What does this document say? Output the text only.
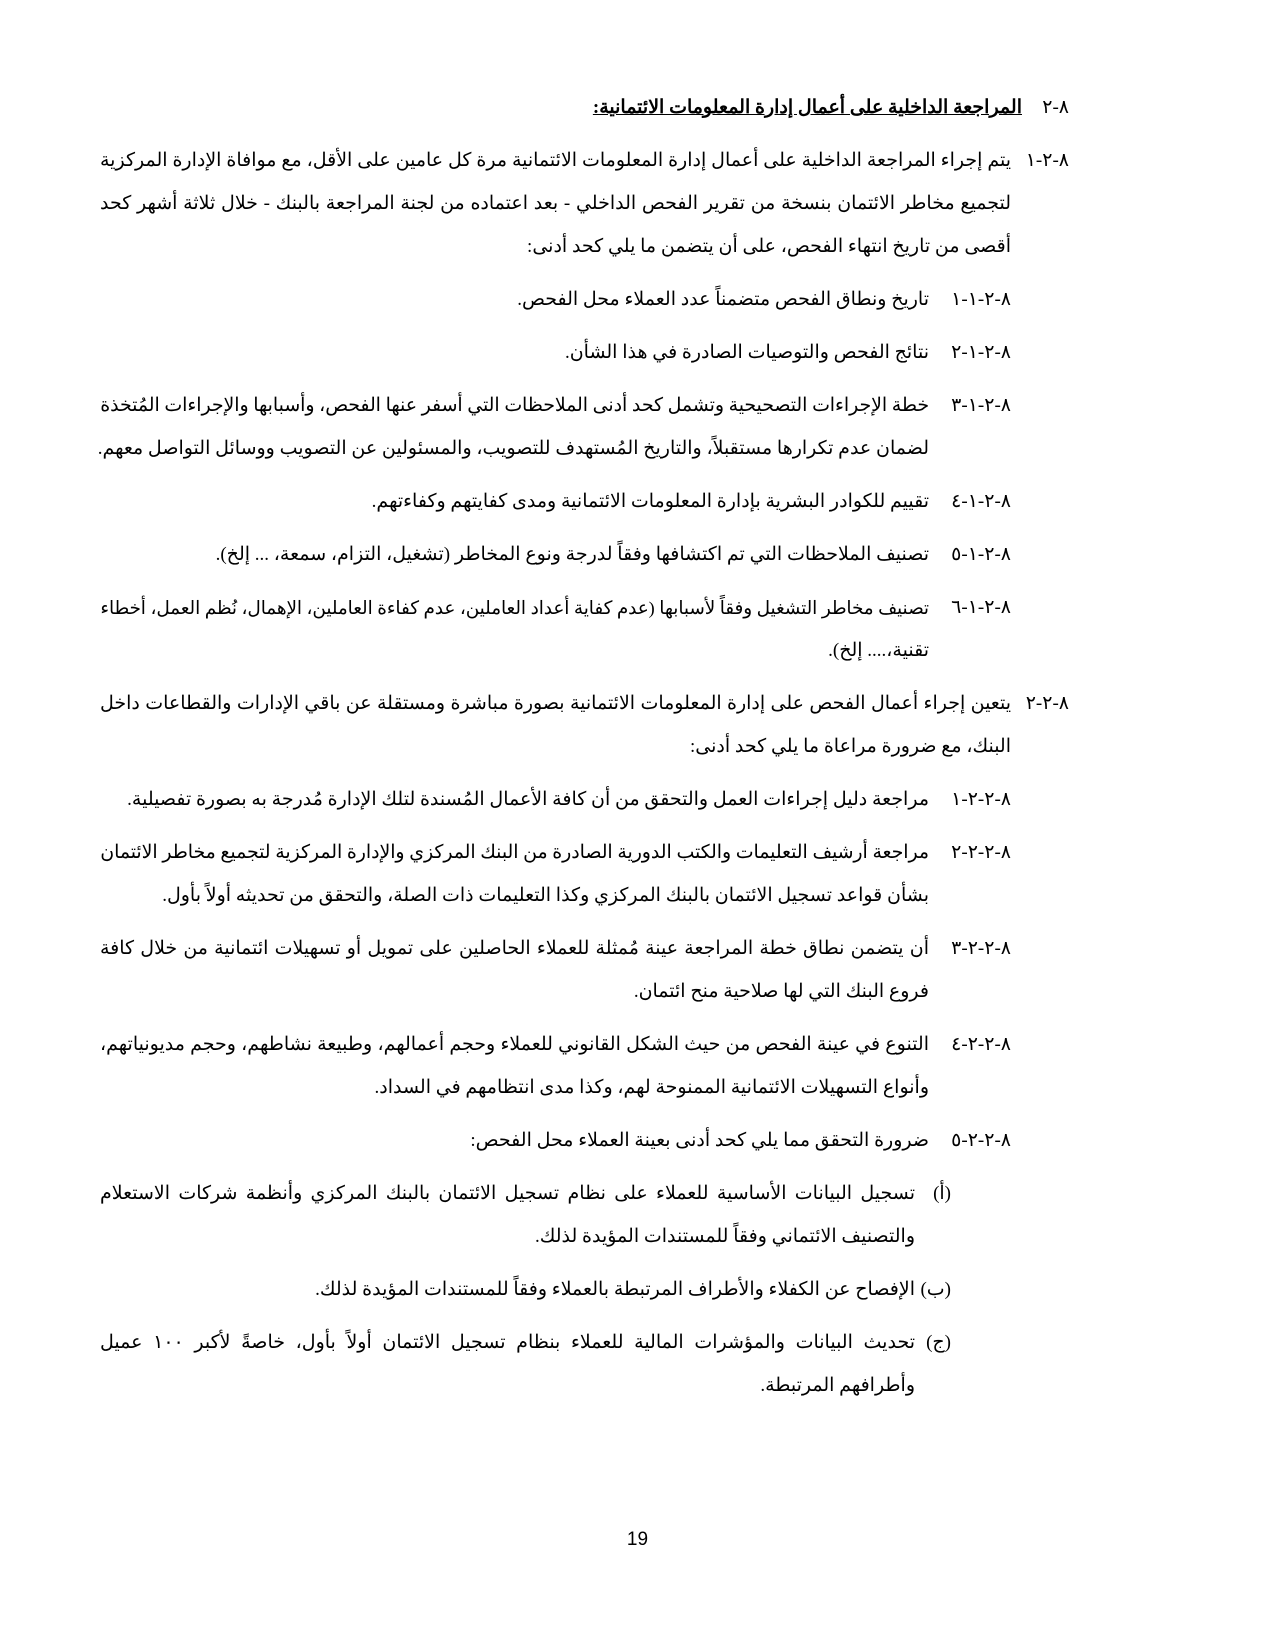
٨-٢
المراجعة الداخلية على أعمال إدارة المعلومات الائتمانية:
٨-٢-١
يتم إجراء المراجعة الداخلية على أعمال إدارة المعلومات الائتمانية مرة كل عامين على الأقل، مع موافاة الإدارة المركزية
لتجميع مخاطر الائتمان بنسخة من تقرير الفحص الداخلي - بعد اعتماده من لجنة المراجعة بالبنك - خلال ثلاثة أشهر كحد
أقصى من تاريخ انتهاء الفحص، على أن يتضمن ما يلي كحد أدنى:
٨-٢-١-١
تاريخ ونطاق الفحص متضمناً عدد العملاء محل الفحص.
٨-٢-١-٢
نتائج الفحص والتوصيات الصادرة في هذا الشأن.
٨-٢-١-٣
خطة الإجراءات التصحيحية وتشمل كحد أدنى الملاحظات التي أسفر عنها الفحص، وأسبابها والإجراءات المُتخذة
لضمان عدم تكرارها مستقبلاً، والتاريخ المُستهدف للتصويب، والمسئولين عن التصويب ووسائل التواصل معهم.
٨-٢-١-٤
تقييم للكوادر البشرية بإدارة المعلومات الائتمانية ومدى كفايتهم وكفاءتهم.
٨-٢-١-٥
تصنيف الملاحظات التي تم اكتشافها وفقاً لدرجة ونوع المخاطر (تشغيل، التزام، سمعة، ... إلخ).
٨-٢-١-٦
تصنيف مخاطر التشغيل وفقاً لأسبابها (عدم كفاية أعداد العاملين، عدم كفاءة العاملين، الإهمال، نُظم العمل، أخطاء
تقنية،.... إلخ).
٨-٢-٢
يتعين إجراء أعمال الفحص على إدارة المعلومات الائتمانية بصورة مباشرة ومستقلة عن باقي الإدارات والقطاعات داخل
البنك، مع ضرورة مراعاة ما يلي كحد أدنى:
٨-٢-٢-١
مراجعة دليل إجراءات العمل والتحقق من أن كافة الأعمال المُسندة لتلك الإدارة مُدرجة به بصورة تفصيلية.
٨-٢-٢-٢
مراجعة أرشيف التعليمات والكتب الدورية الصادرة من البنك المركزي والإدارة المركزية لتجميع مخاطر الائتمان
بشأن قواعد تسجيل الائتمان بالبنك المركزي وكذا التعليمات ذات الصلة، والتحقق من تحديثه أولاً بأول.
٨-٢-٢-٣
أن يتضمن نطاق خطة المراجعة عينة مُمثلة للعملاء الحاصلين على تمويل أو تسهيلات ائتمانية من خلال كافة
فروع البنك التي لها صلاحية منح ائتمان.
٨-٢-٢-٤
التنوع في عينة الفحص من حيث الشكل القانوني للعملاء وحجم أعمالهم، وطبيعة نشاطهم، وحجم مديونياتهم،
وأنواع التسهيلات الائتمانية الممنوحة لهم، وكذا مدى انتظامهم في السداد.
٨-٢-٢-٥
ضرورة التحقق مما يلي كحد أدنى بعينة العملاء محل الفحص:
(أ)
تسجيل البيانات الأساسية للعملاء على نظام تسجيل الائتمان بالبنك المركزي وأنظمة شركات الاستعلام
والتصنيف الائتماني وفقاً للمستندات المؤيدة لذلك.
(ب)
الإفصاح عن الكفلاء والأطراف المرتبطة بالعملاء وفقاً للمستندات المؤيدة لذلك.
(ج)
تحديث البيانات والمؤشرات المالية للعملاء بنظام تسجيل الائتمان أولاً بأول، خاصةً لأكبر ١٠٠ عميل
وأطرافهم المرتبطة.
19
